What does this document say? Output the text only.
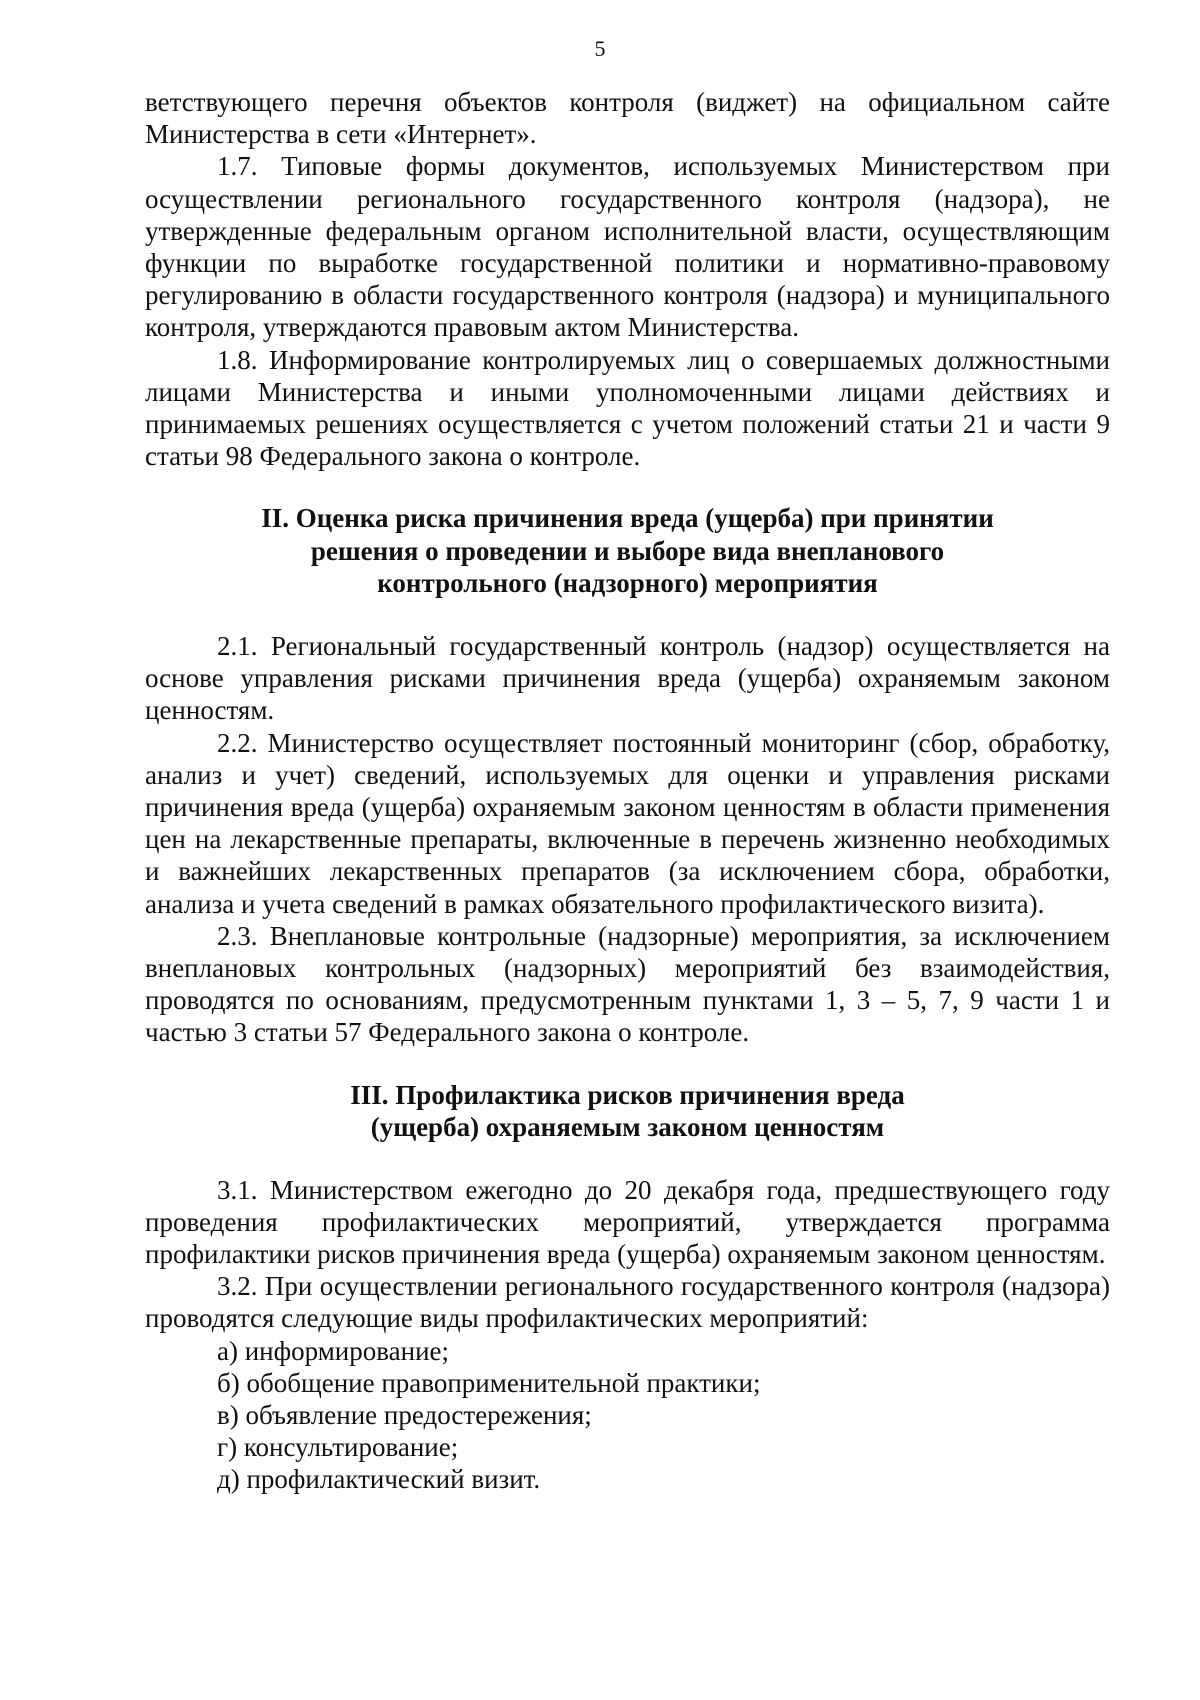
5

ветствующего перечня объектов контроля (виджет) на официальном сайте Министерства в сети «Интернет».

1.7. Типовые формы документов, используемых Министерством при осуществлении регионального государственного контроля (надзора), не утвержденные федеральным органом исполнительной власти, осуществляющим функции по выработке государственной политики и нормативно-правовому регулированию в области государственного контроля (надзора) и муниципального контроля, утверждаются правовым актом Министерства.

1.8. Информирование контролируемых лиц о совершаемых должностными лицами Министерства и иными уполномоченными лицами действиях и принимаемых решениях осуществляется с учетом положений статьи 21 и части 9 статьи 98 Федерального закона о контроле.

II. Оценка риска причинения вреда (ущерба) при принятии
решения о проведении и выборе вида внепланового
контрольного (надзорного) мероприятия

2.1. Региональный государственный контроль (надзор) осуществляется на основе управления рисками причинения вреда (ущерба) охраняемым законом ценностям.

2.2. Министерство осуществляет постоянный мониторинг (сбор, обработку, анализ и учет) сведений, используемых для оценки и управления рисками причинения вреда (ущерба) охраняемым законом ценностям в области применения цен на лекарственные препараты, включенные в перечень жизненно необходимых и важнейших лекарственных препаратов (за исключением сбора, обработки, анализа и учета сведений в рамках обязательного профилактического визита).

2.3. Внеплановые контрольные (надзорные) мероприятия, за исключением внеплановых контрольных (надзорных) мероприятий без взаимодействия, проводятся по основаниям, предусмотренным пунктами 1, 3 – 5, 7, 9 части 1 и частью 3 статьи 57 Федерального закона о контроле.

III. Профилактика рисков причинения вреда
(ущерба) охраняемым законом ценностям

3.1. Министерством ежегодно до 20 декабря года, предшествующего году проведения профилактических мероприятий, утверждается программа профилактики рисков причинения вреда (ущерба) охраняемым законом ценностям.

3.2. При осуществлении регионального государственного контроля (надзора) проводятся следующие виды профилактических мероприятий:

а) информирование;

б) обобщение правоприменительной практики;

в) объявление предостережения;

г) консультирование;

д) профилактический визит.
